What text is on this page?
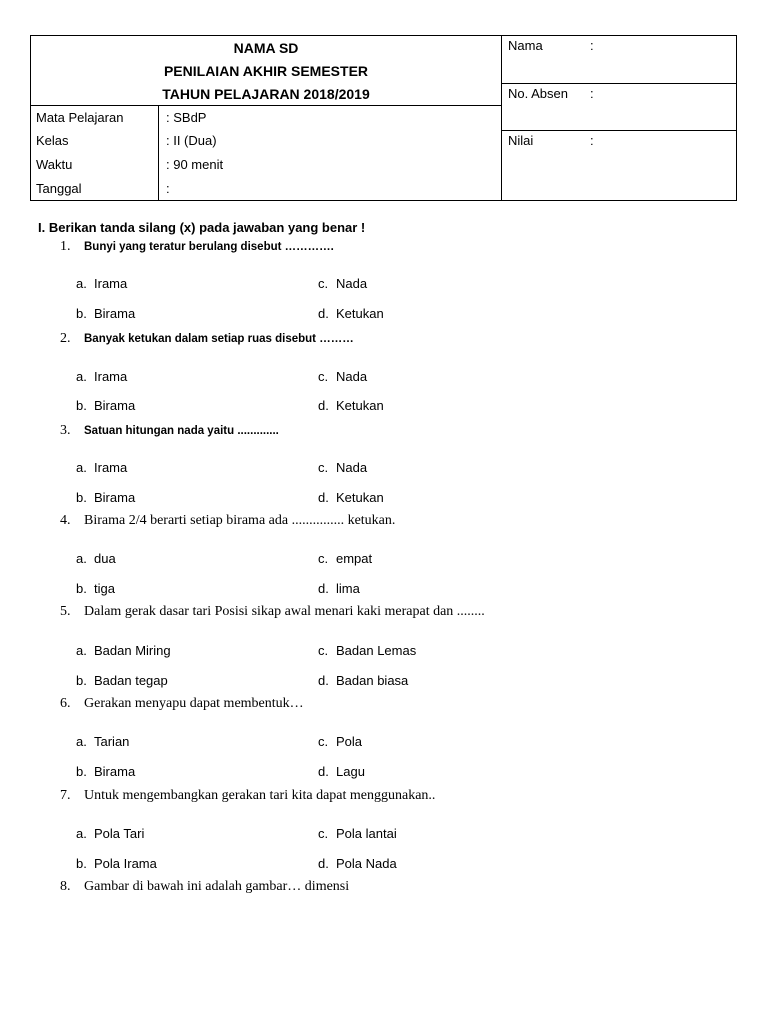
NAMA SD
PENILAIAN AKHIR SEMESTER
TAHUN PELAJARAN 2018/2019
Mata Pelajaran	: SBdP
Kelas	: II (Dua)
Waktu	: 90 menit
Tanggal	:
Nama	:
No. Absen :
Nilai	:
I. Berikan tanda silang (x) pada jawaban yang benar !
1. Bunyi yang teratur berulang disebut ………….
a. Irama	c. Nada
b. Birama	d. Ketukan
2. Banyak ketukan dalam setiap ruas disebut ………
a. Irama	c. Nada
b. Birama	d. Ketukan
3. Satuan hitungan nada yaitu .............
a. Irama	c. Nada
b. Birama	d. Ketukan
4. Birama 2/4 berarti setiap birama ada ............... ketukan.
a. dua	c. empat
b. tiga	d. lima
5. Dalam gerak dasar tari Posisi sikap awal menari kaki merapat dan ........
a. Badan Miring	c. Badan Lemas
b. Badan tegap	d. Badan biasa
6. Gerakan menyapu dapat membentuk…
a. Tarian	c. Pola
b. Birama	d. Lagu
7. Untuk mengembangkan gerakan tari kita dapat menggunakan..
a. Pola Tari	c. Pola lantai
b. Pola Irama	d. Pola Nada
8. Gambar di bawah ini adalah gambar… dimensi
